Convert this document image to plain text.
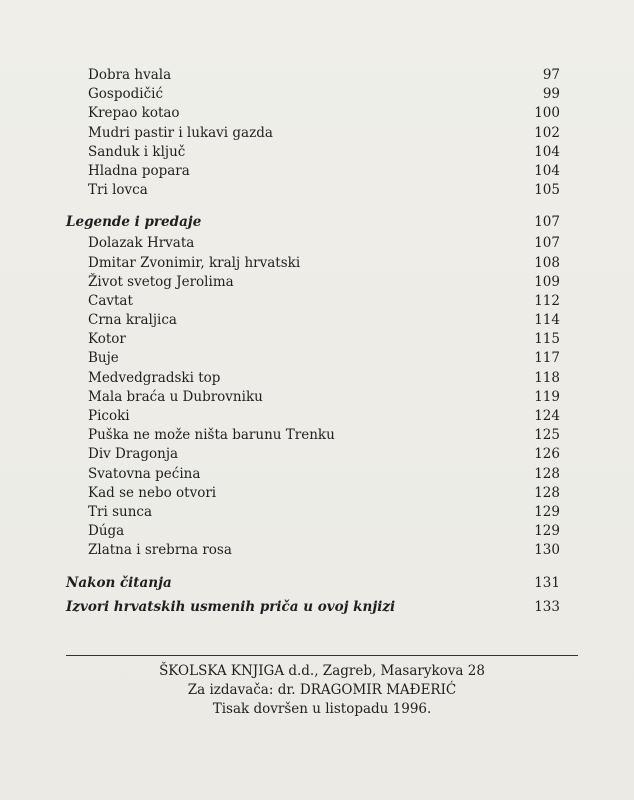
Dobra hvala	97
Gospodičić	99
Krepao kotao	100
Mudri pastir i lukavi gazda	102
Sanduk i ključ	104
Hladna popara	104
Tri lovca	105
Legende i predaje	107
Dolazak Hrvata	107
Dmitar Zvonimir, kralj hrvatski	108
Život svetog Jerolima	109
Cavtat	112
Crna kraljica	114
Kotor	115
Buje	117
Medvedgradski top	118
Mala braća u Dubrovniku	119
Picoki	124
Puška ne može ništa barunu Trenku	125
Div Dragonja	126
Svatovna pećina	128
Kad se nebo otvori	128
Tri sunca	129
Dúga	129
Zlatna i srebrna rosa	130
Nakon čitanja	131
Izvori hrvatskih usmenih priča u ovoj knjizi	133
ŠKOLSKA KNJIGA d.d., Zagreb, Masarykova 28
Za izdavača: dr. DRAGOMIR MAĐERIĆ
Tisak dovršen u listopadu 1996.
